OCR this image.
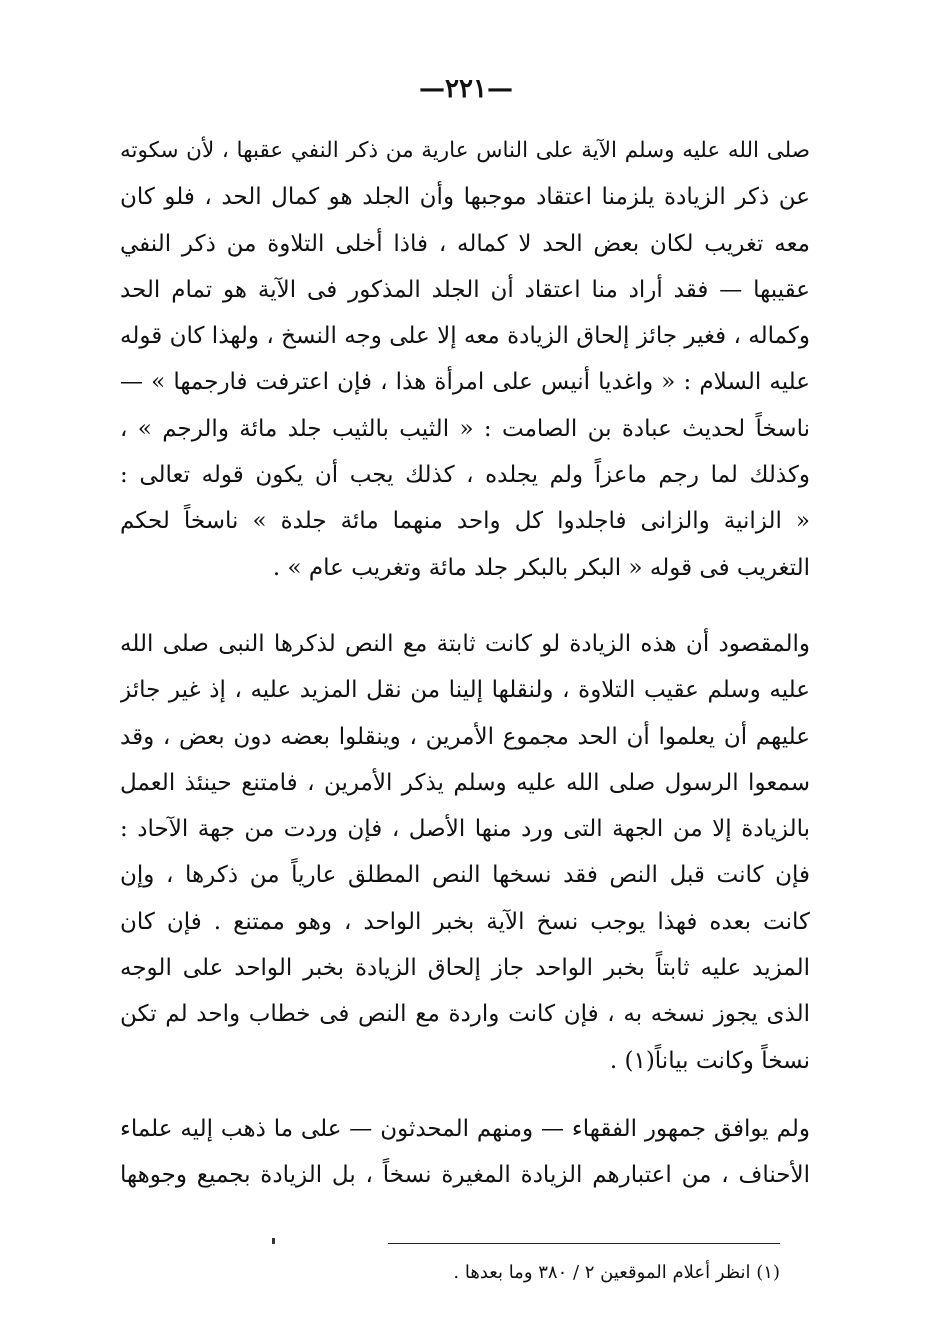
—٢٢١—
صلى الله عليه وسلم الآية على الناس عارية من ذكر النفي عقبها ، لأن سكوته
عن ذكر الزيادة يلزمنا اعتقاد موجبها وأن الجلد هو كمال الحد ، فلو كان
معه تغريب لكان بعض الحد لا كماله ، فاذا أخلى التلاوة من ذكر النفي
عقيبها — فقد أراد منا اعتقاد أن الجلد المذكور فى الآية هو تمام الحد
وكماله ، فغير جائز إلحاق الزيادة معه إلا على وجه النسخ ، ولهذا كان قوله
عليه السلام : « واغديا أنيس على امرأة هذا ، فإن اعترفت فارجمها » —
ناسخاً لحديث عبادة بن الصامت : « الثيب بالثيب جلد مائة والرجم » ،
وكذلك لما رجم ماعزاً ولم يجلده ، كذلك يجب أن يكون قوله تعالى :
« الزانية والزانى فاجلدوا كل واحد منهما مائة جلدة » ناسخاً لحكم
التغريب فى قوله « البكر بالبكر جلد مائة وتغريب عام » .
والمقصود أن هذه الزيادة لو كانت ثابتة مع النص لذكرها النبى صلى الله
عليه وسلم عقيب التلاوة ، ولنقلها إلينا من نقل المزيد عليه ، إذ غير جائز
عليهم أن يعلموا أن الحد مجموع الأمرين ، وينقلوا بعضه دون بعض ، وقد
سمعوا الرسول صلى الله عليه وسلم يذكر الأمرين ، فامتنع حينئذ العمل
بالزيادة إلا من الجهة التى ورد منها الأصل ، فإن وردت من جهة الآحاد :
فإن كانت قبل النص فقد نسخها النص المطلق عارياً من ذكرها ، وإن
كانت بعده فهذا يوجب نسخ الآية بخبر الواحد ، وهو ممتنع . فإن كان
المزيد عليه ثابتاً بخبر الواحد جاز إلحاق الزيادة بخبر الواحد على الوجه
الذى يجوز نسخه به ، فإن كانت واردة مع النص فى خطاب واحد لم تكن
نسخاً وكانت بياناً(١) .
ولم يوافق جمهور الفقهاء — ومنهم المحدثون — على ما ذهب إليه علماء
الأحناف ، من اعتبارهم الزيادة المغيرة نسخاً ، بل الزيادة بجميع وجوهها
(١) انظر أعلام الموقعين ٢ / ٣٨٠ وما بعدها .
